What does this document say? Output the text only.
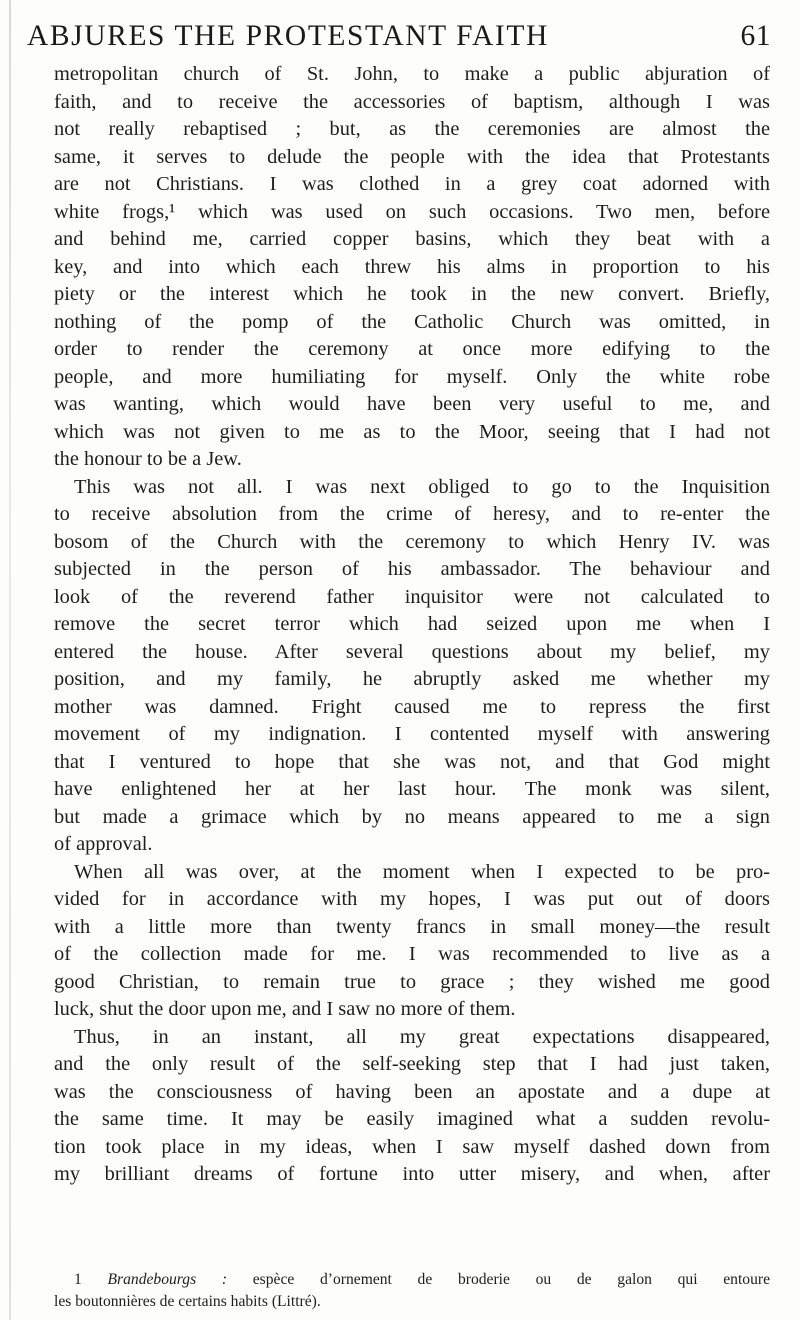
ABJURES THE PROTESTANT FAITH	61
metropolitan church of St. John, to make a public abjuration of
faith, and to receive the accessories of baptism, although I was
not really rebaptised ; but, as the ceremonies are almost the
same, it serves to delude the people with the idea that Protestants
are not Christians. I was clothed in a grey coat adorned with
white frogs,¹ which was used on such occasions. Two men, before
and behind me, carried copper basins, which they beat with a
key, and into which each threw his alms in proportion to his
piety or the interest which he took in the new convert. Briefly,
nothing of the pomp of the Catholic Church was omitted, in
order to render the ceremony at once more edifying to the
people, and more humiliating for myself. Only the white robe
was wanting, which would have been very useful to me, and
which was not given to me as to the Moor, seeing that I had not
the honour to be a Jew.
This was not all. I was next obliged to go to the Inquisition
to receive absolution from the crime of heresy, and to re-enter the
bosom of the Church with the ceremony to which Henry IV. was
subjected in the person of his ambassador. The behaviour and
look of the reverend father inquisitor were not calculated to
remove the secret terror which had seized upon me when I
entered the house. After several questions about my belief, my
position, and my family, he abruptly asked me whether my
mother was damned. Fright caused me to repress the first
movement of my indignation. I contented myself with answering
that I ventured to hope that she was not, and that God might
have enlightened her at her last hour. The monk was silent,
but made a grimace which by no means appeared to me a sign
of approval.
When all was over, at the moment when I expected to be pro-
vided for in accordance with my hopes, I was put out of doors
with a little more than twenty francs in small money—the result
of the collection made for me. I was recommended to live as a
good Christian, to remain true to grace ; they wished me good
luck, shut the door upon me, and I saw no more of them.
Thus, in an instant, all my great expectations disappeared,
and the only result of the self-seeking step that I had just taken,
was the consciousness of having been an apostate and a dupe at
the same time. It may be easily imagined what a sudden revolu-
tion took place in my ideas, when I saw myself dashed down from
my brilliant dreams of fortune into utter misery, and when, after
1 Brandebourgs : espèce d’ornement de broderie ou de galon qui entoure
les boutonnières de certains habits (Littré).
